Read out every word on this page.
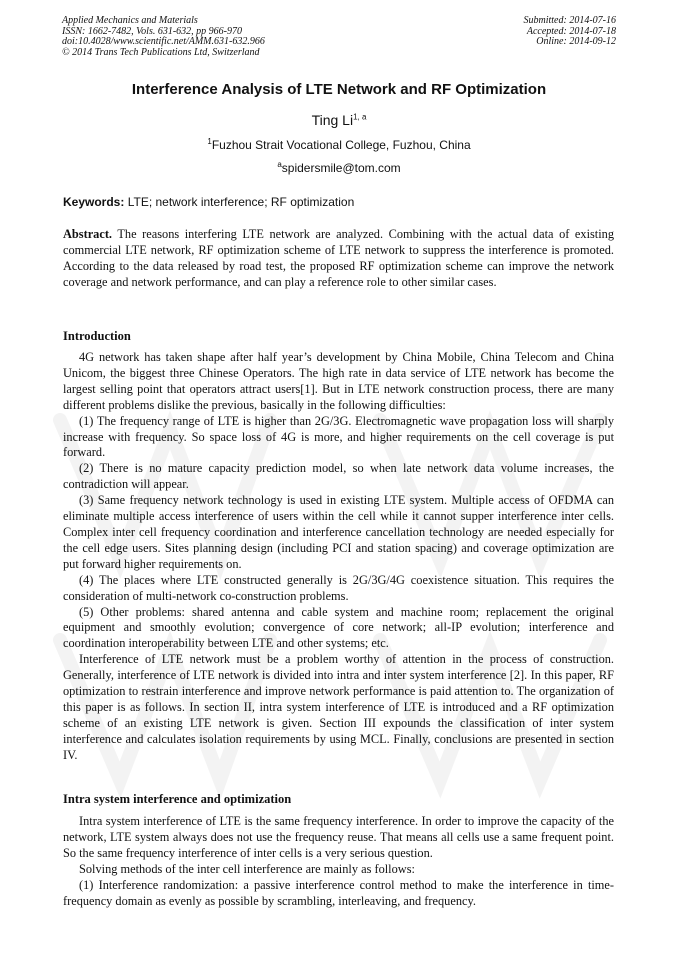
Applied Mechanics and Materials
ISSN: 1662-7482, Vols. 631-632, pp 966-970
doi:10.4028/www.scientific.net/AMM.631-632.966
© 2014 Trans Tech Publications Ltd, Switzerland
Submitted: 2014-07-16
Accepted: 2014-07-18
Online: 2014-09-12
Interference Analysis of LTE Network and RF Optimization
Ting Li$^{1, a}$
$^1$Fuzhou Strait Vocational College, Fuzhou, China
$^a$spidersmile@tom.com
Keywords: LTE; network interference; RF optimization

Abstract. The reasons interfering LTE network are analyzed. Combining with the actual data of existing commercial LTE network, RF optimization scheme of LTE network to suppress the interference is promoted. According to the data released by road test, the proposed RF optimization scheme can improve the network coverage and network performance, and can play a reference role to other similar cases.

Introduction

4G network has taken shape after half year’s development by China Mobile, China Telecom and China Unicom, the biggest three Chinese Operators. The high rate in data service of LTE network has become the largest selling point that operators attract users[1]. But in LTE network construction process, there are many different problems dislike the previous, basically in the following difficulties:

(1) The frequency range of LTE is higher than 2G/3G. Electromagnetic wave propagation loss will sharply increase with frequency. So space loss of 4G is more, and higher requirements on the cell coverage is put forward.

(2) There is no mature capacity prediction model, so when late network data volume increases, the contradiction will appear.

(3) Same frequency network technology is used in existing LTE system. Multiple access of OFDMA can eliminate multiple access interference of users within the cell while it cannot supper interference inter cells. Complex inter cell frequency coordination and interference cancellation technology are needed especially for the cell edge users. Sites planning design (including PCI and station spacing) and coverage optimization are put forward higher requirements on.

(4) The places where LTE constructed generally is 2G/3G/4G coexistence situation. This requires the consideration of multi-network co-construction problems.

(5) Other problems: shared antenna and cable system and machine room; replacement the original equipment and smoothly evolution; convergence of core network; all-IP evolution; interference and coordination interoperability between LTE and other systems; etc.

Interference of LTE network must be a problem worthy of attention in the process of construction. Generally, interference of LTE network is divided into intra and inter system interference [2]. In this paper, RF optimization to restrain interference and improve network performance is paid attention to. The organization of this paper is as follows. In section II, intra system interference of LTE is introduced and a RF optimization scheme of an existing LTE network is given. Section III expounds the classification of inter system interference and calculates isolation requirements by using MCL. Finally, conclusions are presented in section IV.

Intra system interference and optimization

Intra system interference of LTE is the same frequency interference. In order to improve the capacity of the network, LTE system always does not use the frequency reuse. That means all cells use a same frequent point. So the same frequency interference of inter cells is a very serious question.

Solving methods of the inter cell interference are mainly as follows:

(1) Interference randomization: a passive interference control method to make the interference in time-frequency domain as evenly as possible by scrambling, interleaving, and frequency.
